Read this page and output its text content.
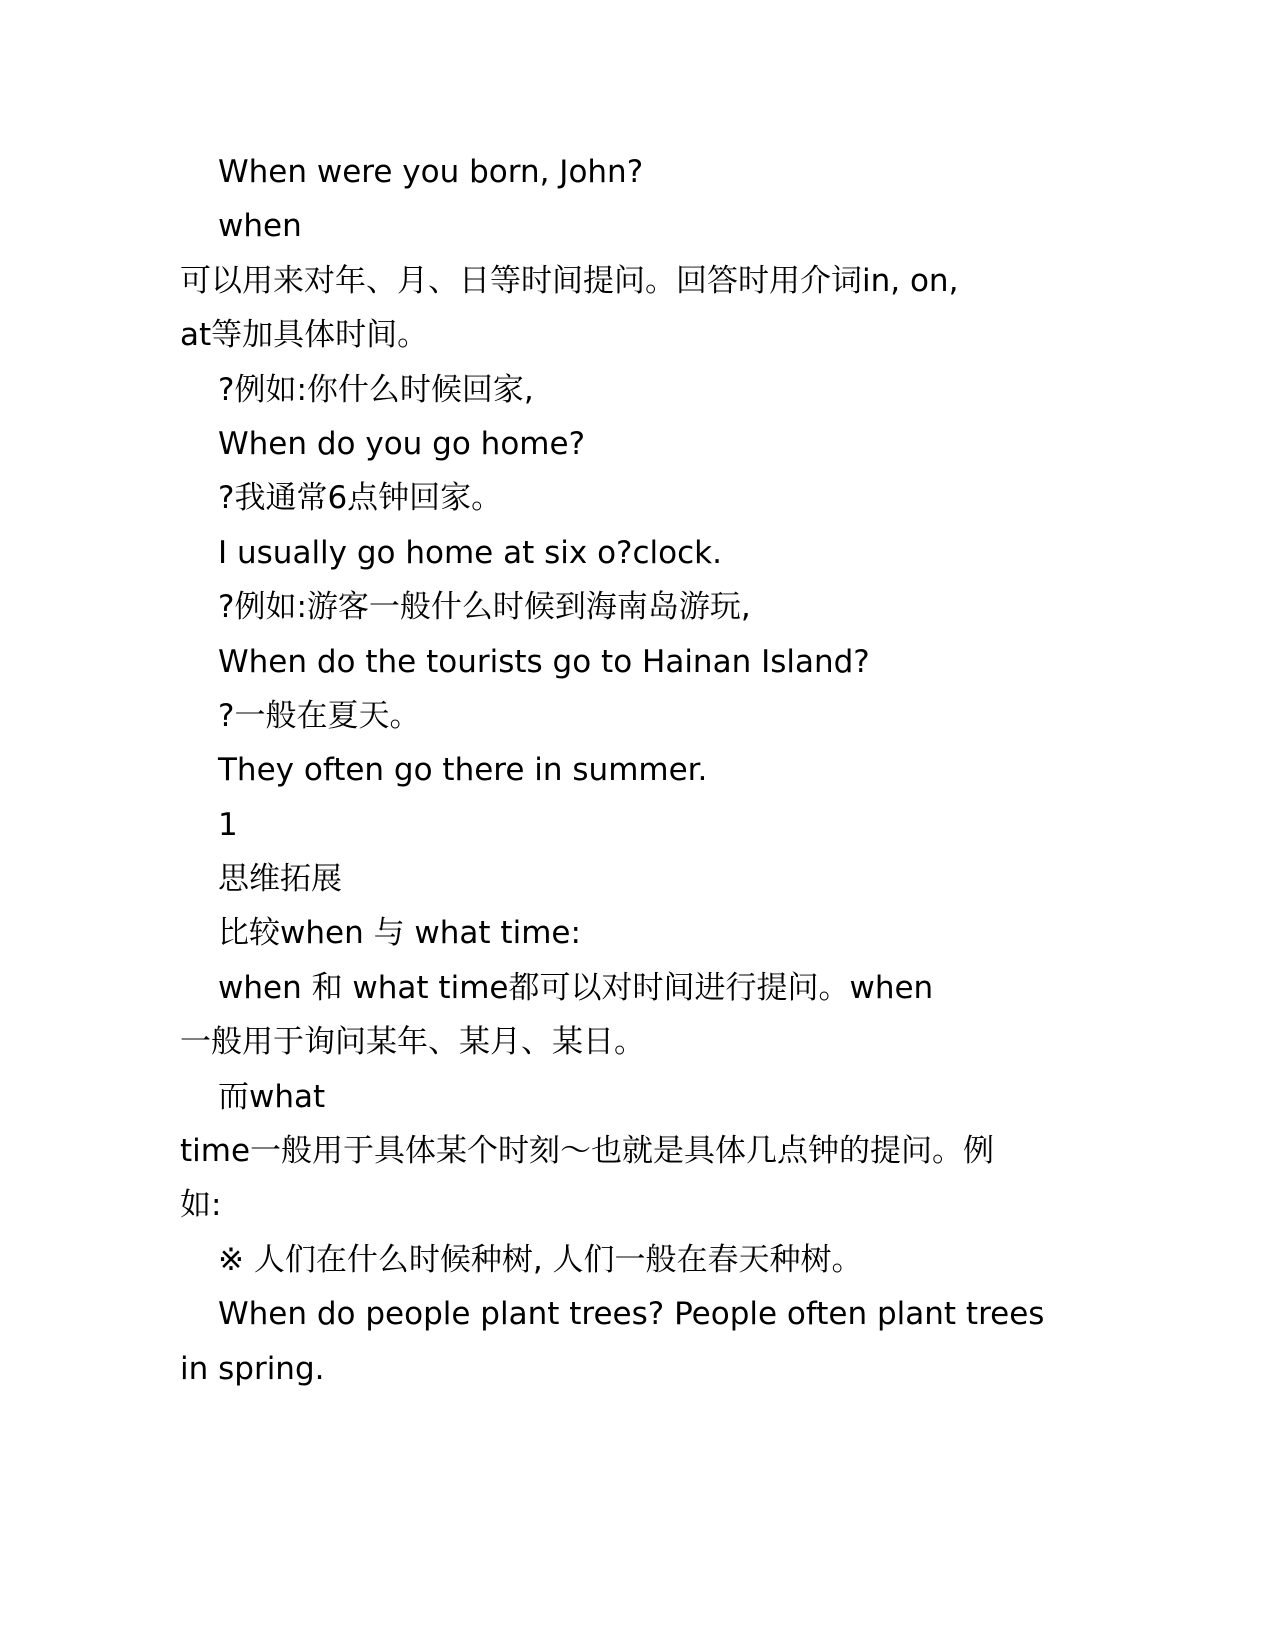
When were you born, John?
when
可以用来对年、月、日等时间提问。回答时用介词in, on,
at等加具体时间。
?例如:你什么时候回家,
When do you go home?
?我通常6点钟回家。
I usually go home at six o?clock.
?例如:游客一般什么时候到海南岛游玩,
When do the tourists go to Hainan Island?
?一般在夏天。
They often go there in summer.
1
思维拓展
比较when 与 what time:
when 和 what time都可以对时间进行提问。when
一般用于询问某年、某月、某日。
而what
time一般用于具体某个时刻～也就是具体几点钟的提问。例
如:
※ 人们在什么时候种树, 人们一般在春天种树。
When do people plant trees? People often plant trees
in spring.
